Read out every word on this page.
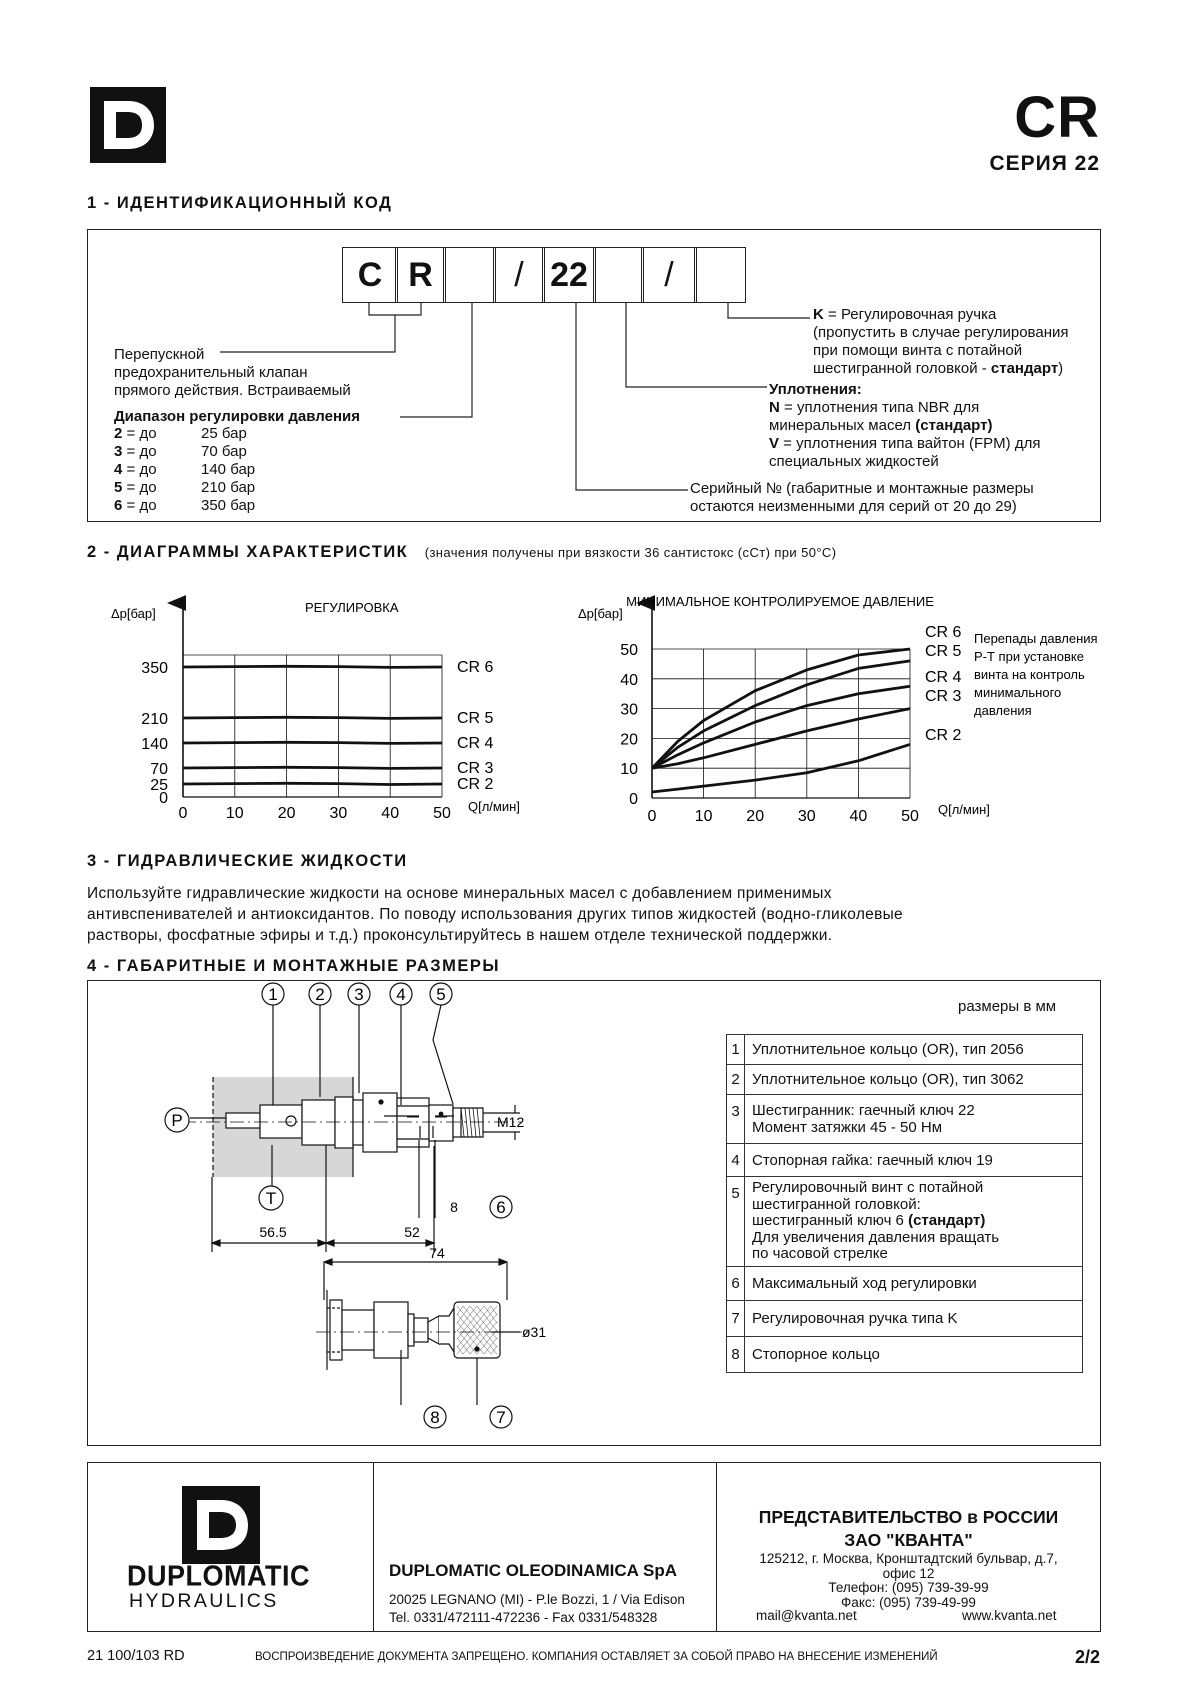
CR
СЕРИЯ 22
1 - ИДЕНТИФИКАЦИОННЫЙ КОД
C R	/ 22	/
Перепускной
предохранительный клапан
прямого действия. Встраиваемый
Диапазон регулировки давления
2 = до	25 бар
3 = до	70 бар
4 = до	140 бар
5 = до	210 бар
6 = до	350 бар
K = Регулировочная ручка
(пропустить в случае регулирования
при помощи винта с потайной
шестигранной головкой - стандарт)
Уплотнения:
N = уплотнения типа NBR для
минеральных масел (стандарт)
V = уплотнения типа вайтон (FPM) для
специальных жидкостей
Серийный № (габаритные и монтажные размеры
остаются неизменными для серий от 20 до 29)
2 - ДИАГРАММЫ ХАРАКТЕРИСТИК (значения получены при вязкости 36 сантистокс (сСт) при 50°С)
0 10 20 30 40 50
0
25
70
140
210
350	CR 6
CR 5
CR 4
CR 3
CR 2
РЕГУЛИРОВКА
Δp[бар]
Q[л/мин]
0 10 20 30 40 50
0
10
20
30
40
50
CR 6
CR 5
CR 4
CR 3
CR 2
МИНИМАЛЬНОЕ КОНТРОЛИРУЕМОЕ ДАВЛЕНИЕ
Δp[бар]
Q[л/мин]
Перепады давления
Р-Т при установке
винта на контроль
минимального
давления
3 - ГИДРАВЛИЧЕСКИЕ ЖИДКОСТИ
Используйте гидравлические жидкости на основе минеральных масел с добавлением применимых
антивспенивателей и антиоксидантов. По поводу использования других типов жидкостей (водно-гликолевые
растворы, фосфатные эфиры и т.д.) проконсультируйтесь в нашем отделе технической поддержки.
4 - ГАБАРИТНЫЕ И МОНТАЖНЫЕ РАЗМЕРЫ
размеры в мм
1 2 3 4 5
6
7
8
P
T
M12
8
56.5	52
74
ø31
1	Уплотнительное кольцо (OR), тип 2056
2	Уплотнительное кольцо (OR), тип 3062
3	Шестигранник: гаечный ключ 22
Момент затяжки 45 - 50 Нм

4	Стопорная гайка: гаечный ключ 19
5	Регулировочный винт с потайной
шестигранной головкой:
шестигранный ключ 6 (стандарт)
Для увеличения давления вращать
по часовой стрелке

6	Максимальный ход регулировки
7	Регулировочная ручка типа K
8	Стопорное кольцо
DUPLOMATIC
HYDRAULICS
DUPLOMATIC OLEODINAMICA SpA
20025 LEGNANO (MI) - P.le Bozzi, 1 / Via Edison
Tel. 0331/472111-472236 - Fax 0331/548328
ПРЕДСТАВИТЕЛЬСТВО в РОССИИ
ЗАО "КВАНТА"
125212, г. Москва, Кронштадтский бульвар, д.7,
офис 12
Телефон: (095) 739-39-99
Факс: (095) 739-49-99
mail@kvanta.net	www.kvanta.net
21 100/103 RD	ВОСПРОИЗВЕДЕНИЕ ДОКУМЕНТА ЗАПРЕЩЕНО. КОМПАНИЯ ОСТАВЛЯЕТ ЗА СОБОЙ ПРАВО НА ВНЕСЕНИЕ ИЗМЕНЕНИЙ	2/2
